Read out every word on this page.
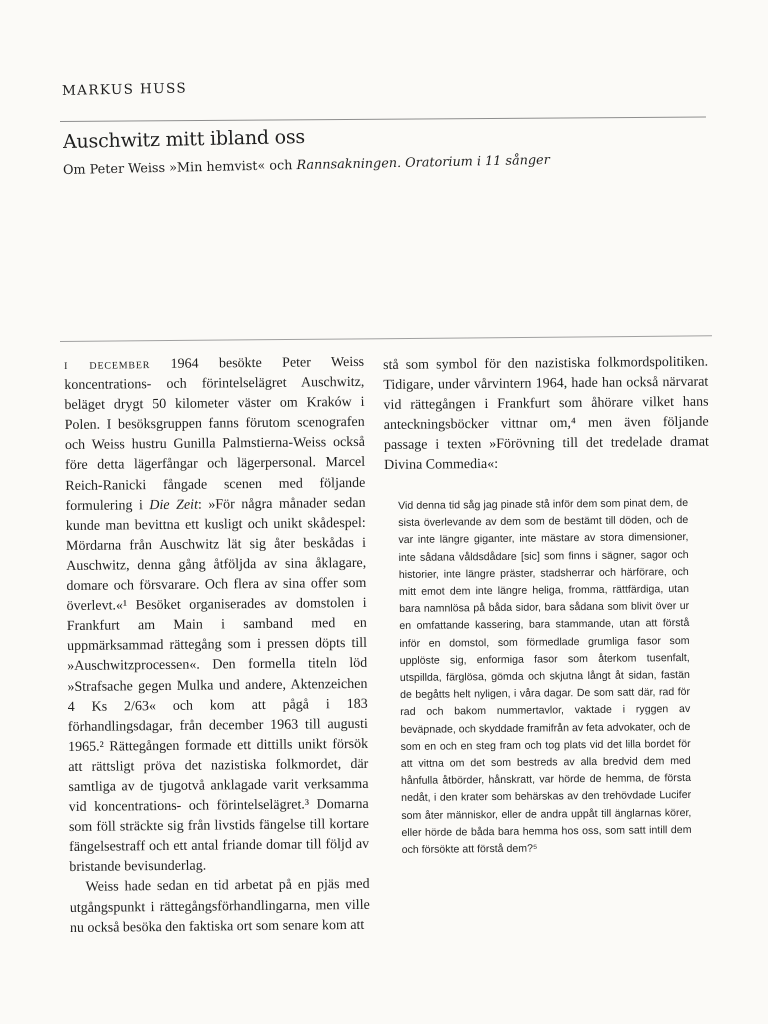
MARKUS HUSS
Auschwitz mitt ibland oss
Om Peter Weiss »Min hemvist« och Rannsakningen. Oratorium i 11 sånger

i december 1964 besökte Peter Weiss koncentrations- och förintelselägret Auschwitz, beläget drygt 50 kilometer väster om Kraków i Polen. I besöksgruppen fanns förutom scenografen och Weiss hustru Gunilla Palmstierna-Weiss också före detta lägerfångar och lägerpersonal. Marcel Reich-Ranicki fångade scenen med följande formulering i Die Zeit: »För några månader sedan kunde man bevittna ett kusligt och unikt skådespel: Mördarna från Auschwitz lät sig åter beskådas i Auschwitz, denna gång åtföljda av sina åklagare, domare och försvarare. Och flera av sina offer som överlevt.«¹ Besöket organiserades av domstolen i Frankfurt am Main i samband med en uppmärksammad rättegång som i pressen döpts till »Auschwitzprocessen«. Den formella titeln löd »Strafsache gegen Mulka und andere, Aktenzeichen 4 Ks 2/63« och kom att pågå i 183 förhandlingsdagar, från december 1963 till augusti 1965.² Rättegången formade ett dittills unikt försök att rättsligt pröva det nazistiska folkmordet, där samtliga av de tjugotvå anklagade varit verksamma vid koncentrations- och förintelselägret.³ Domarna som föll sträckte sig från livstids fängelse till kortare fängelsestraff och ett antal friande domar till följd av bristande bevisunderlag.

Weiss hade sedan en tid arbetat på en pjäs med utgångspunkt i rättegångsförhandlingarna, men ville nu också besöka den faktiska ort som senare kom att

stå som symbol för den nazistiska folkmordspolitiken. Tidigare, under vårvintern 1964, hade han också närvarat vid rättegången i Frankfurt som åhörare vilket hans anteckningsböcker vittnar om,⁴ men även följande passage i texten »Förövning till det tredelade dramat Divina Commedia«:

Vid denna tid såg jag pinade stå inför dem som pinat dem, de sista överlevande av dem som de bestämt till döden, och de var inte längre giganter, inte mästare av stora dimensioner, inte sådana våldsdådare [sic] som finns i sägner, sagor och historier, inte längre präster, stadsherrar och härförare, och mitt emot dem inte längre heliga, fromma, rättfärdiga, utan bara namnlösa på båda sidor, bara sådana som blivit över ur en omfattande kassering, bara stammande, utan att förstå inför en domstol, som förmedlade grumliga fasor som upplöste sig, enformiga fasor som återkom tusenfalt, utspillda, färglösa, gömda och skjutna långt åt sidan, fastän de begåtts helt nyligen, i våra dagar. De som satt där, rad för rad och bakom nummertavlor, vaktade i ryggen av beväpnade, och skyddade framifrån av feta advokater, och de som en och en steg fram och tog plats vid det lilla bordet för att vittna om det som bestreds av alla bredvid dem med hånfulla åtbörder, hånskratt, var hörde de hemma, de första nedåt, i den krater som behärskas av den trehövdade Lucifer som åter människor, eller de andra uppåt till änglarnas körer, eller hörde de båda bara hemma hos oss, som satt intill dem och försökte att förstå dem?⁵
